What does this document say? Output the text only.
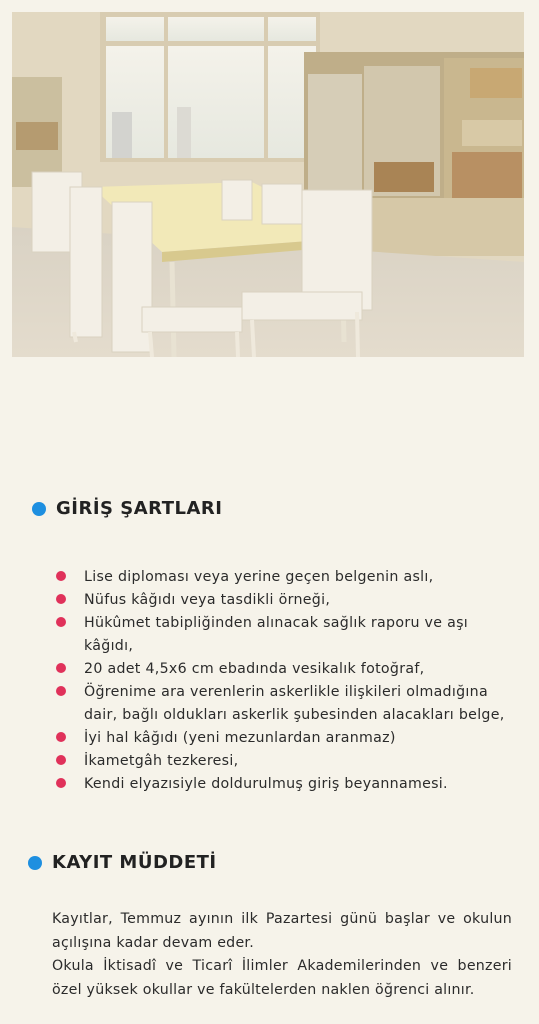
GİRİŞ ŞARTLARI
Lise diploması veya yerine geçen belgenin aslı,
Nüfus kâğıdı veya tasdikli örneği,
Hükûmet tabipliğinden alınacak sağlık raporu ve aşı kâğıdı,
20 adet 4,5x6 cm ebadında vesikalık fotoğraf,
Öğrenime ara verenlerin askerlikle ilişkileri olmadığına dair, bağlı oldukları askerlik şubesinden alacakları belge,
İyi hal kâğıdı (yeni mezunlardan aranmaz)
İkametgâh tezkeresi,
Kendi elyazısiyle doldurulmuş giriş beyannamesi.
KAYIT MÜDDETİ

Kayıtlar, Temmuz ayının ilk Pazartesi günü başlar ve okulun açılışına kadar devam eder.

Okula İktisadî ve Ticarî İlimler Akademilerinden ve benzeri özel yüksek okullar ve fakültelerden naklen öğrenci alınır.
